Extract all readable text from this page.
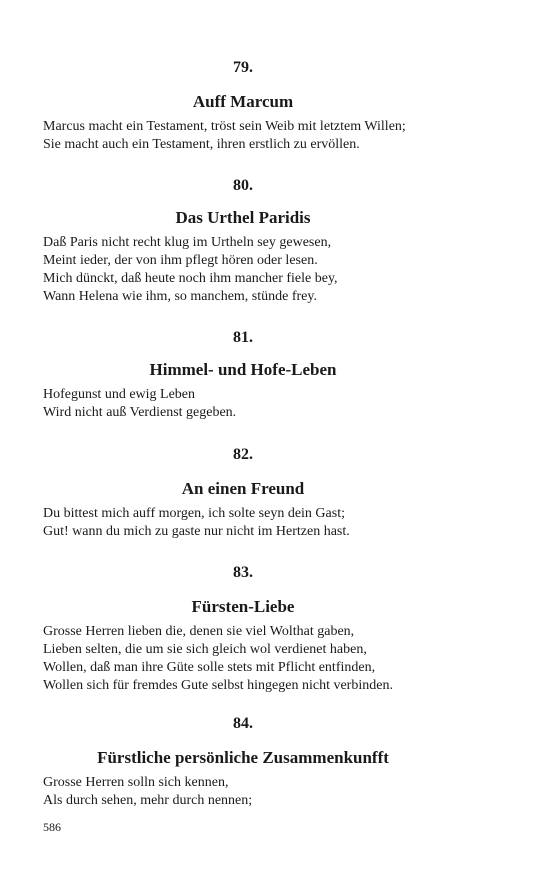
79.
Auff Marcum
Marcus macht ein Testament, tröst sein Weib mit letztem Willen;
Sie macht auch ein Testament, ihren erstlich zu ervöllen.
80.
Das Urthel Paridis
Daß Paris nicht recht klug im Urtheln sey gewesen,
Meint ieder, der von ihm pflegt hören oder lesen.
Mich dünckt, daß heute noch ihm mancher fiele bey,
Wann Helena wie ihm, so manchem, stünde frey.
81.
Himmel- und Hofe-Leben
Hofegunst und ewig Leben
Wird nicht auß Verdienst gegeben.
82.
An einen Freund
Du bittest mich auff morgen, ich solte seyn dein Gast;
Gut! wann du mich zu gaste nur nicht im Hertzen hast.
83.
Fürsten-Liebe
Grosse Herren lieben die, denen sie viel Wolthat gaben,
Lieben selten, die um sie sich gleich wol verdienet haben,
Wollen, daß man ihre Güte solle stets mit Pflicht entfinden,
Wollen sich für fremdes Gute selbst hingegen nicht verbinden.
84.
Fürstliche persönliche Zusammenkunfft
Grosse Herren solln sich kennen,
Als durch sehen, mehr durch nennen;
586
